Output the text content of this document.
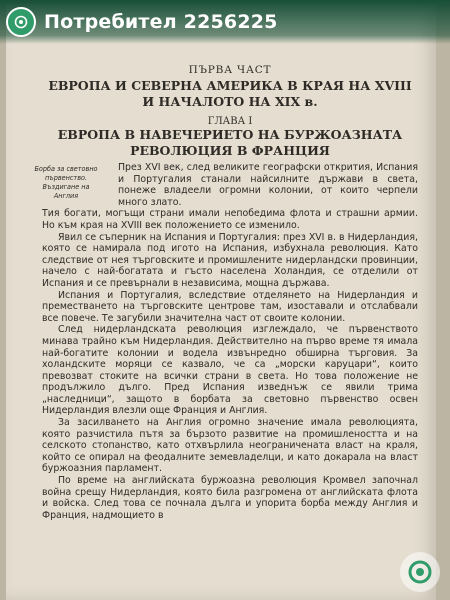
ПЪРВА ЧАСТ

ЕВРОПА И СЕВЕРНА АМЕРИКА В КРАЯ НА XVIII

И НАЧАЛОТО НА XIX в.

ГЛАВА I

ЕВРОПА В НАВЕЧЕРИЕТО НА БУРЖОАЗНАТА

РЕВОЛЮЦИЯ В ФРАНЦИЯ

Борба за световно първенство. Въздигане на Англия

През XVI век, след великите географски открития, Испания и Португалия станали найсилните държави в света, понеже владеели огромни колонии, от които черпели много злато.

Тия богати, могъщи страни имали непобедима флота и страшни армии. Но към края на XVIII век положението се изменило.

Явил се съперник на Испания и Португалия: през XVI в. в Нидерландия, която се намирала под игото на Испания, избухнала революция. Като следствие от нея търговските и промишлените нидерландски провинции, начело с най-богатата и гъсто населена Холандия, се отделили от Испания и се превърнали в независима, мощна държава.

Испания и Португалия, вследствие отделянето на Нидерландия и преместването на търговските центрове там, изоставали и отслабвали все повече. Те загубили значителна част от своите колонии.

След нидерландската революция изглеждало, че първенството минава трайно към Нидерландия. Действително на първо време тя имала най-богатите колонии и водела извънредно обширна търговия. За холандските моряци се казвало, че са „морски каруцари“, които превозват стоките на всички страни в света. Но това положение не продължило дълго. Пред Испания изведнъж се явили трима „наследници“, защото в борбата за световно първенство освен Нидерландия влезли още Франция и Англия.

За засилването на Англия огромно значение имала революцията, която разчистила пътя за бързото развитие на промишлеността и на селското стопанство, като отхвърлила неограничената власт на краля, който се опирал на феодалните земевладелци, и като докарала на власт буржоазния парламент.

По време на английската буржоазна революция Кромвел започнал война срещу Нидерландия, която била разгромена от английската флота и войска. След това се почнала дълга и упорита борба между Англия и Франция, надмощието в

Потребител 2256225
